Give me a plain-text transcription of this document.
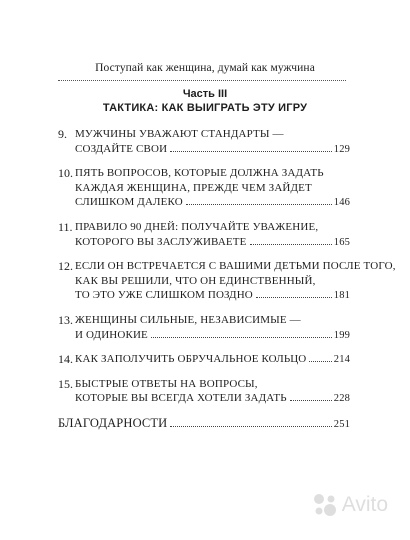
Поступай как женщина, думай как мужчина
Часть III
ТАКТИКА: КАК ВЫИГРАТЬ ЭТУ ИГРУ
9. МУЖЧИНЫ УВАЖАЮТ СТАНДАРТЫ —
СОЗДАЙТЕ СВОИ	129
10. ПЯТЬ ВОПРОСОВ, КОТОРЫЕ ДОЛЖНА ЗАДАТЬ
КАЖДАЯ ЖЕНЩИНА, ПРЕЖДЕ ЧЕМ ЗАЙДЕТ
СЛИШКОМ ДАЛЕКО	146
11. ПРАВИЛО 90 ДНЕЙ: ПОЛУЧАЙТЕ УВАЖЕНИЕ,
КОТОРОГО ВЫ ЗАСЛУЖИВАЕТЕ	165
12. ЕСЛИ ОН ВСТРЕЧАЕТСЯ С ВАШИМИ ДЕТЬМИ ПОСЛЕ ТОГО,
КАК ВЫ РЕШИЛИ, ЧТО ОН ЕДИНСТВЕННЫЙ,
ТО ЭТО УЖЕ СЛИШКОМ ПОЗДНО	181
13. ЖЕНЩИНЫ СИЛЬНЫЕ, НЕЗАВИСИМЫЕ —
И ОДИНОКИЕ	199
14. КАК ЗАПОЛУЧИТЬ ОБРУЧАЛЬНОЕ КОЛЬЦО	214
15. БЫСТРЫЕ ОТВЕТЫ НА ВОПРОСЫ,
КОТОРЫЕ ВЫ ВСЕГДА ХОТЕЛИ ЗАДАТЬ	228
БЛАГОДАРНОСТИ	251
Avito
